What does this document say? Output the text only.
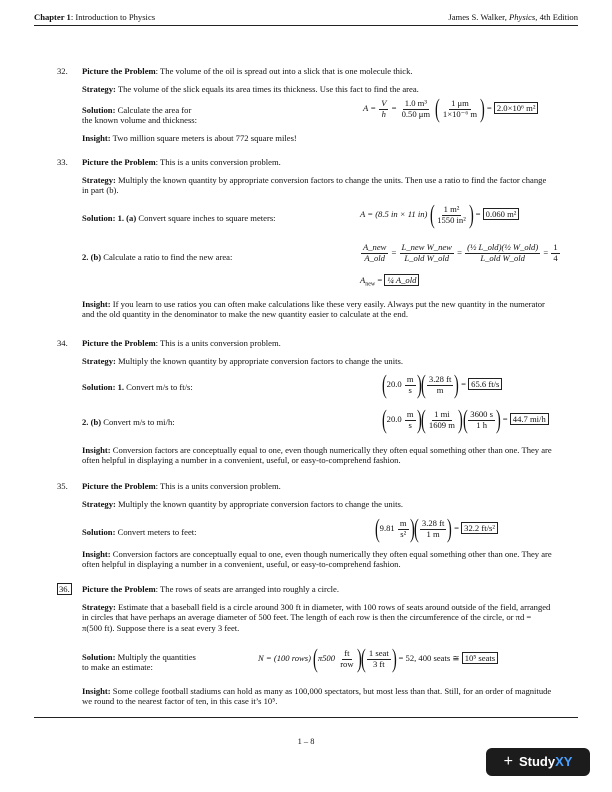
Chapter 1: Introduction to Physics	James S. Walker, Physics, 4th Edition
32. Picture the Problem: The volume of the oil is spread out into a slick that is one molecule thick.
Strategy: The volume of the slick equals its area times its thickness. Use this fact to find the area.
Solution: Calculate the area for
the known volume and thickness:
$A = \frac{V}{h} = \frac{\text{1.0 m³}}{0.50 \mu m}$ ( $\frac{1 \mu m}{\text{1×10⁻⁶ m}}$ ) = 2.0×10⁶ m²
Insight: Two million square meters is about 772 square miles!
33. Picture the Problem: This is a units conversion problem.
Strategy: Multiply the known quantity by appropriate conversion factors to change the units. Then use a ratio to find the factor change in part (b).
Solution: 1. (a) Convert square inches to square meters:	A = (8.5 in × 11 in) ( $\frac{\text{1 m²}}{\text{1550 in²}}$ ) = 0.060 m²
2. (b) Calculate a ratio to find the new area:	$\frac{\text{A\_new}}{\text{A\_old}} = \frac{\text{L\_new W\_new}}{\text{L\_old W\_old}} = \frac{\text{(½ L\_old)(½ W\_old)}}{\text{L\_old W\_old}} = \frac{1}{4}$
$A_{new}$ = ¼ A_old
Insight: If you learn to use ratios you can often make calculations like these very easily. Always put the new quantity in the numerator and the old quantity in the denominator to make the new quantity easier to calculate at the end.
34. Picture the Problem: This is a units conversion problem.
Strategy: Multiply the known quantity by appropriate conversion factors to change the units.
Solution: 1. Convert m/s to ft/s:	($20.0 \frac{m}{s}$ )( $\frac{3.28 ft}{m}$ ) = 65.6 ft/s
2. (b) Convert m/s to mi/h:	($20.0 \frac{m}{s}$ )( $\frac{1 mi}{1609 m}$ )( $\frac{3600 s}{1 h}$ ) = 44.7 mi/h
Insight: Conversion factors are conceptually equal to one, even though numerically they often equal something other than one. They are often helpful in displaying a number in a convenient, useful, or easy-to-comprehend fashion.
35. Picture the Problem: This is a units conversion problem.
Strategy: Multiply the known quantity by appropriate conversion factors to change the units.
Solution: Convert meters to feet:	($9.81 \frac{m}{\text{s²}}$ )( $\frac{3.28 ft}{1 m}$ ) = 32.2 ft/s²
Insight: Conversion factors are conceptually equal to one, even though numerically they often equal something other than one. They are often helpful in displaying a number in a convenient, useful, or easy-to-comprehend fashion.
36. Picture the Problem: The rows of seats are arranged into roughly a circle.
Strategy: Estimate that a baseball field is a circle around 300 ft in diameter, with 100 rows of seats around outside of the field, arranged in circles that have perhaps an average diameter of 500 feet. The length of each row is then the circumference of the circle, or πd = π(500 ft). Suppose there is a seat every 3 feet.
Solution: Multiply the quantities
to make an estimate:
N = (100 rows) ($\pi 500 \frac{ft}{\text{row}}$ )( $\frac{\text{1 seat}}{3 ft}$ ) = 52, 400 seats ≅ 10⁵ seats
Insight: Some college football stadiums can hold as many as 100,000 spectators, but most less than that. Still, for an order of magnitude we round to the nearest factor of ten, in this case it’s 10⁵.
1 – 8
+ StudyXY
